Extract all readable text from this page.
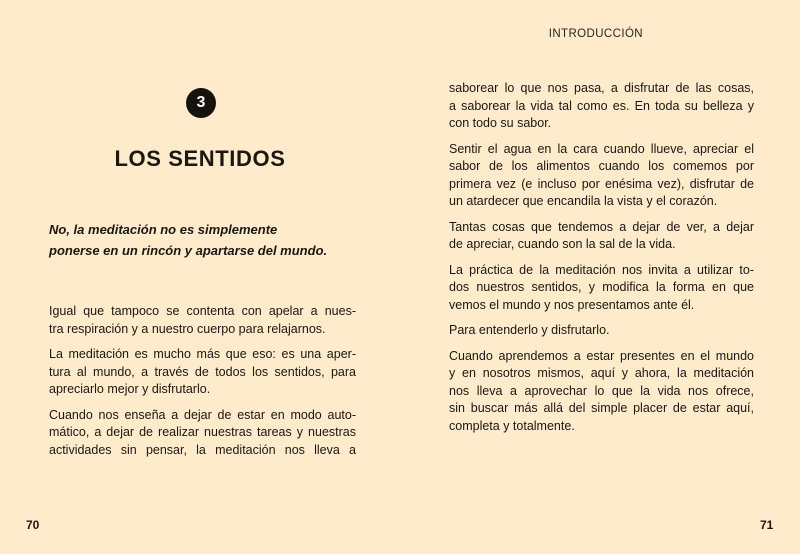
3
LOS SENTIDOS
No, la meditación no es simplemente
ponerse en un rincón y apartarse del mundo.

Igual que tampoco se contenta con apelar a nues-
tra respiración y a nuestro cuerpo para relajarnos.

La meditación es mucho más que eso: es una aper-
tura al mundo, a través de todos los sentidos, para
apreciarlo mejor y disfrutarlo.

Cuando nos enseña a dejar de estar en modo auto-
mático, a dejar de realizar nuestras tareas y nuestras
actividades sin pensar, la meditación nos lleva a

70	71
INTRODUCCIÓN

saborear lo que nos pasa, a disfrutar de las cosas,
a saborear la vida tal como es. En toda su belleza y
con todo su sabor.

Sentir el agua en la cara cuando llueve, apreciar el
sabor de los alimentos cuando los comemos por
primera vez (e incluso por enésima vez), disfrutar de
un atardecer que encandila la vista y el corazón.

Tantas cosas que tendemos a dejar de ver, a dejar
de apreciar, cuando son la sal de la vida.

La práctica de la meditación nos invita a utilizar to-
dos nuestros sentidos, y modifica la forma en que
vemos el mundo y nos presentamos ante él.

Para entenderlo y disfrutarlo.

Cuando aprendemos a estar presentes en el mundo
y en nosotros mismos, aquí y ahora, la meditación
nos lleva a aprovechar lo que la vida nos ofrece,
sin buscar más allá del simple placer de estar aquí,
completa y totalmente.
